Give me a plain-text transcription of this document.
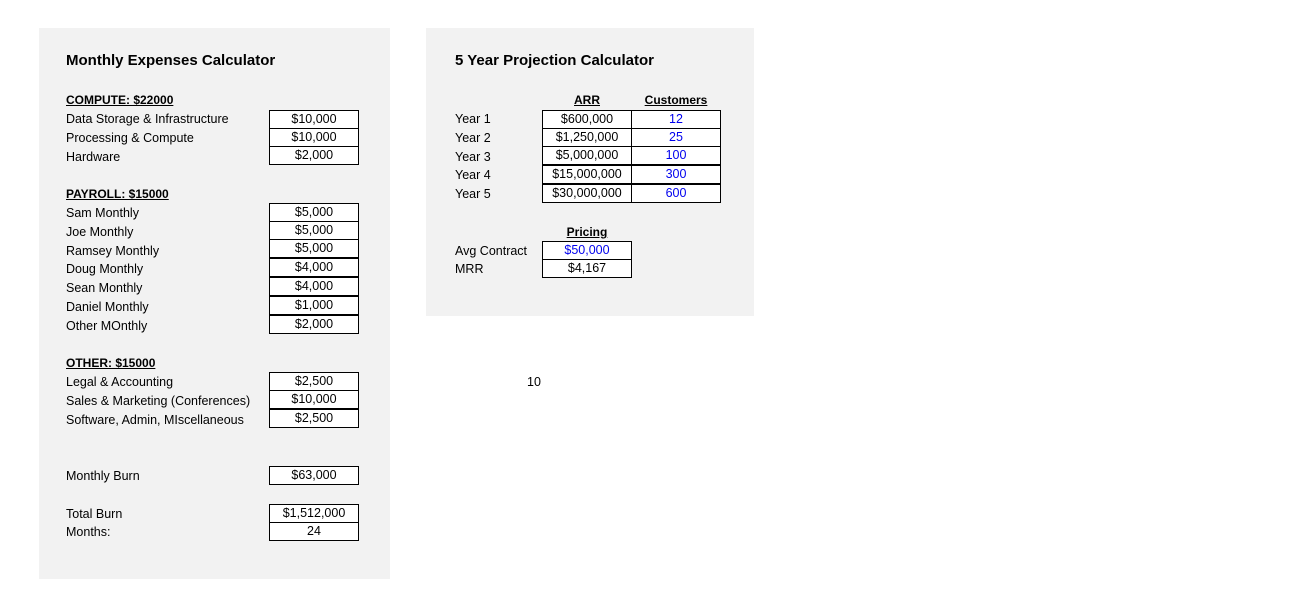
Monthly Expenses Calculator
COMPUTE: $22000
Data Storage & Infrastructure	$10,000
Processing & Compute	$10,000
Hardware	$2,000
PAYROLL: $15000
Sam Monthly	$5,000
Joe Monthly	$5,000
Ramsey Monthly	$5,000
Doug Monthly	$4,000
Sean Monthly	$4,000
Daniel Monthly	$1,000
Other MOnthly	$2,000
OTHER: $15000
Legal & Accounting	$2,500
Sales & Marketing (Conferences)	$10,000
Software, Admin, MIscellaneous	$2,500
Monthly Burn	$63,000
Total Burn	$1,512,000
Months:	24
5 Year Projection Calculator
ARR	Customers
Year 1	$600,000	12
Year 2	$1,250,000	25
Year 3	$5,000,000	100
Year 4	$15,000,000	300
Year 5	$30,000,000	600
Pricing
Avg Contract	$50,000
MRR	$4,167
10
